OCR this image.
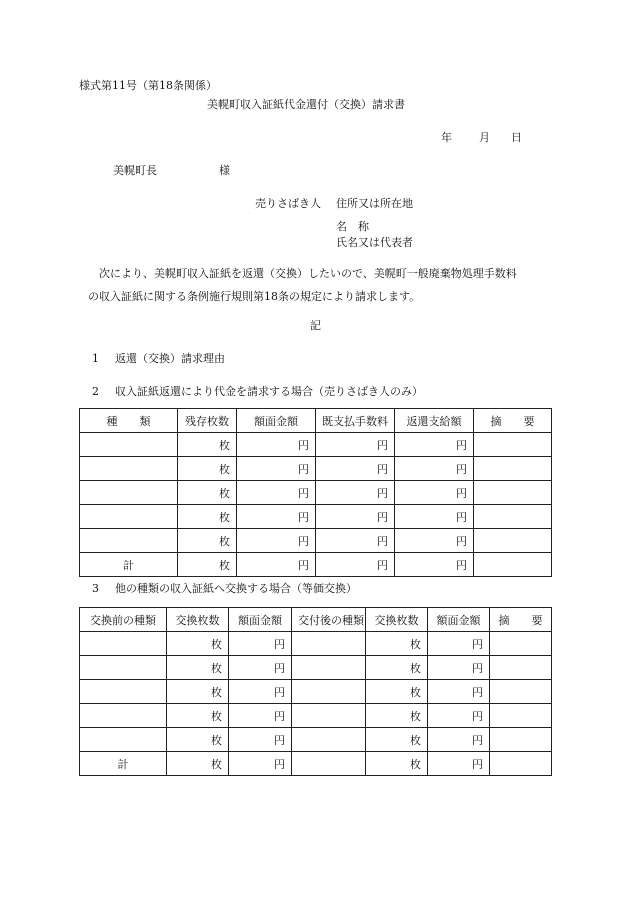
様式第11号（第18条関係）
美幌町収入証紙代金還付（交換）請求書
年 月 日
美幌町長	様
売りさばき人 住所又は所在地
名　称
氏名又は代表者

次により、美幌町収入証紙を返還（交換）したいので、美幌町一般廃棄物処理手数料

の収入証紙に関する条例施行規則第18条の規定により請求します。

記
1 返還（交換）請求理由
2 収入証紙返還により代金を請求する場合（売りさばき人のみ）
種　　類	残存枚数	額面金額	既支払手数料	返還支給額	摘　　要
	枚	円	円	円	
	枚	円	円	円	
	枚	円	円	円	
	枚	円	円	円	
	枚	円	円	円	
計	枚	円	円	円	
3 他の種類の収入証紙へ交換する場合（等価交換）
交換前の種類	交換枚数	額面金額	交付後の種類	交換枚数	額面金額	摘　　要
	枚	円		枚	円	
	枚	円		枚	円	
	枚	円		枚	円	
	枚	円		枚	円	
	枚	円		枚	円	
計	枚	円		枚	円	
